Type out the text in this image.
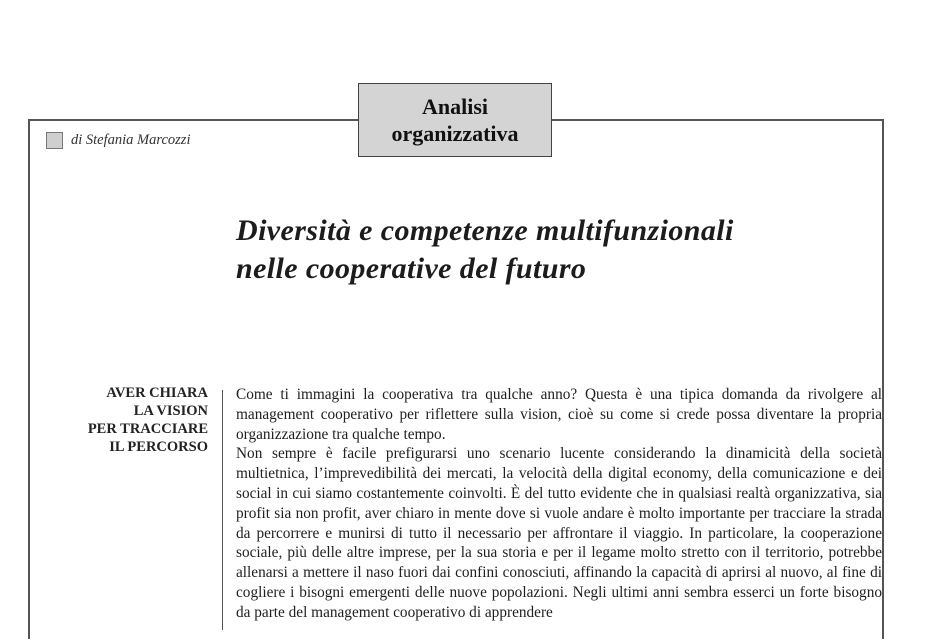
Analisi
organizzativa
di Stefania Marcozzi
Diversità e competenze multifunzionali
nelle cooperative del futuro
AVER CHIARA
LA VISION
PER TRACCIARE
IL PERCORSO

Come ti immagini la cooperativa tra qualche anno? Questa è una tipica domanda da rivolgere al management cooperativo per riflettere sulla vision, cioè su come si crede possa diventare la propria organizzazione tra qualche tempo.

Non sempre è facile prefigurarsi uno scenario lucente considerando la dinamicità della società multietnica, l’imprevedibilità dei mercati, la velocità della digital economy, della comunicazione e dei social in cui siamo costantemente coinvolti. È del tutto evidente che in qualsiasi realtà organizzativa, sia profit sia non profit, aver chiaro in mente dove si vuole andare è molto importante per tracciare la strada da percorrere e munirsi di tutto il necessario per affrontare il viaggio. In particolare, la cooperazione sociale, più delle altre imprese, per la sua storia e per il legame molto stretto con il territorio, potrebbe allenarsi a mettere il naso fuori dai confini conosciuti, affinando la capacità di aprirsi al nuovo, al fine di cogliere i bisogni emergenti delle nuove popolazioni. Negli ultimi anni sembra esserci un forte bisogno da parte del management cooperativo di apprendere
